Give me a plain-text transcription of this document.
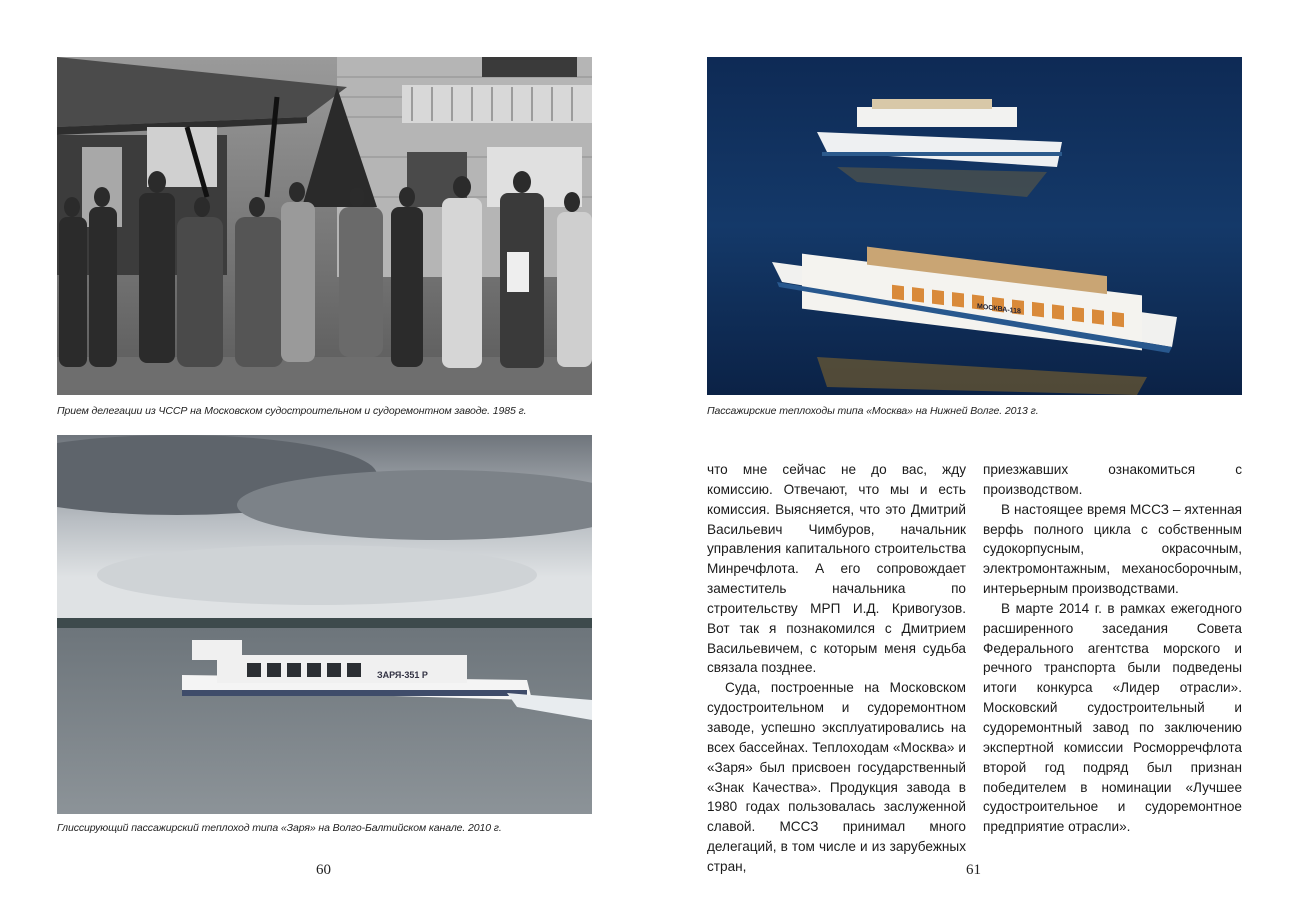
Прием делегации из ЧССР на Московском судостроительном и судоремонтном заводе. 1985 г.
ЗАРЯ-351 Р
Глиссирующий пассажирский теплоход типа «Заря» на Волго-Балтийском канале. 2010 г.
60
МОСКВА-118
Пассажирские теплоходы типа «Москва» на Нижней Волге. 2013 г.

что мне сейчас не до вас, жду комиссию. Отвечают, что мы и есть комиссия. Выясняется, что это Дмитрий Васильевич Чимбуров, начальник управления капитального строительства Минречфлота. А его сопровождает заместитель начальника по строительству МРП И.Д. Кривогузов. Вот так я познакомился с Дмитрием Васильевичем, с которым меня судьба связала позднее.

Суда, построенные на Московском судостроительном и судоремонтном заводе, успешно эксплуатировались на всех бассейнах. Теплоходам «Москва» и «Заря» был присвоен государственный «Знак Качества». Продукция завода в 1980 годах пользовалась заслуженной славой. МССЗ принимал много делегаций, в том числе и из зарубежных стран,

приезжавших ознакомиться с производством.

В настоящее время МССЗ – яхтенная верфь полного цикла с собственным судокорпусным, окрасочным, электромонтажным, механосборочным, интерьерным производствами.

В марте 2014 г. в рамках ежегодного расширенного заседания Совета Федерального агентства морского и речного транспорта были подведены итоги конкурса «Лидер отрасли». Московский судостроительный и судоремонтный завод по заключению экспертной комиссии Росморречфлота второй год подряд был признан победителем в номинации «Лучшее судостроительное и судоремонтное предприятие отрасли».

61
